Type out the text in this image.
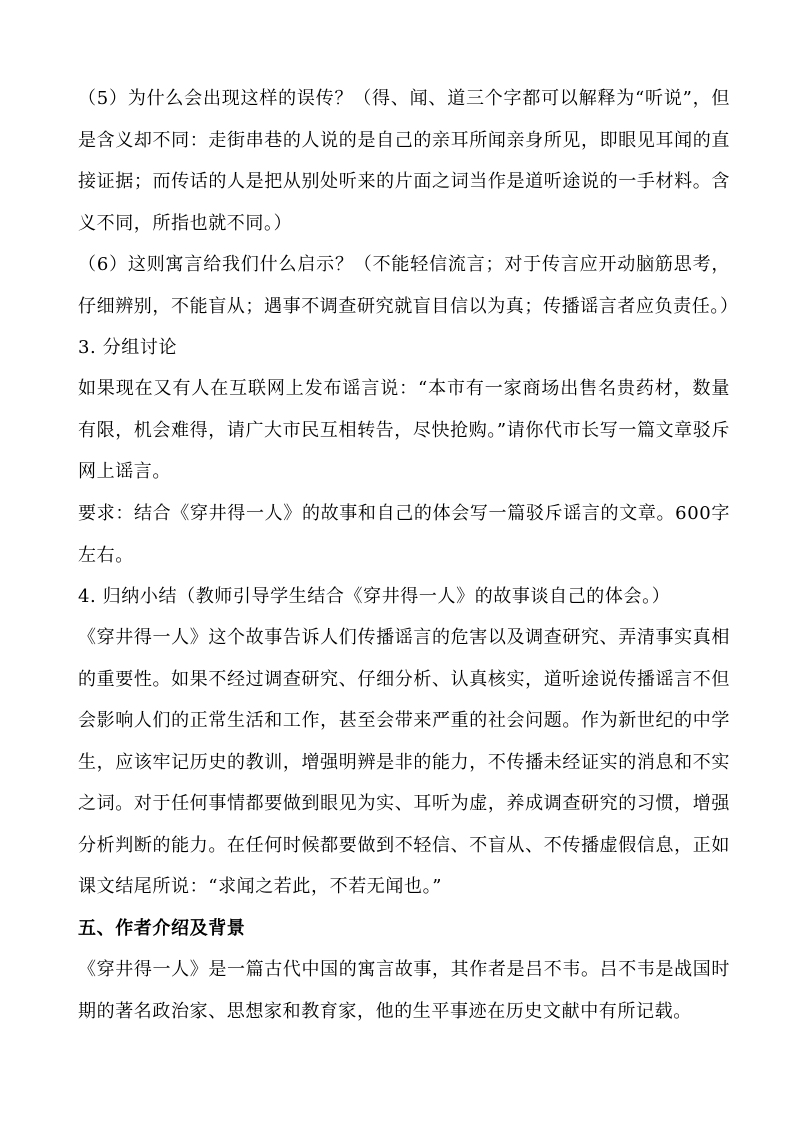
（5）为什么会出现这样的误传？（得、闻、道三个字都可以解释为“听说”，但是含义却不同：走街串巷的人说的是自己的亲耳所闻亲身所见，即眼见耳闻的直接证据；而传话的人是把从别处听来的片面之词当作是道听途说的一手材料。含义不同，所指也就不同。）

（6）这则寓言给我们什么启示？（不能轻信流言；对于传言应开动脑筋思考，仔细辨别，不能盲从；遇事不调查研究就盲目信以为真；传播谣言者应负责任。）

3. 分组讨论

如果现在又有人在互联网上发布谣言说：“本市有一家商场出售名贵药材，数量有限，机会难得，请广大市民互相转告，尽快抢购。”请你代市长写一篇文章驳斥网上谣言。

要求：结合《穿井得一人》的故事和自己的体会写一篇驳斥谣言的文章。600字左右。

4. 归纳小结（教师引导学生结合《穿井得一人》的故事谈自己的体会。）

《穿井得一人》这个故事告诉人们传播谣言的危害以及调查研究、弄清事实真相的重要性。如果不经过调查研究、仔细分析、认真核实，道听途说传播谣言不但会影响人们的正常生活和工作，甚至会带来严重的社会问题。作为新世纪的中学生，应该牢记历史的教训，增强明辨是非的能力，不传播未经证实的消息和不实之词。对于任何事情都要做到眼见为实、耳听为虚，养成调查研究的习惯，增强分析判断的能力。在任何时候都要做到不轻信、不盲从、不传播虚假信息，正如课文结尾所说：“求闻之若此，不若无闻也。”

五、作者介绍及背景

《穿井得一人》是一篇古代中国的寓言故事，其作者是吕不韦。吕不韦是战国时期的著名政治家、思想家和教育家，他的生平事迹在历史文献中有所记载。
